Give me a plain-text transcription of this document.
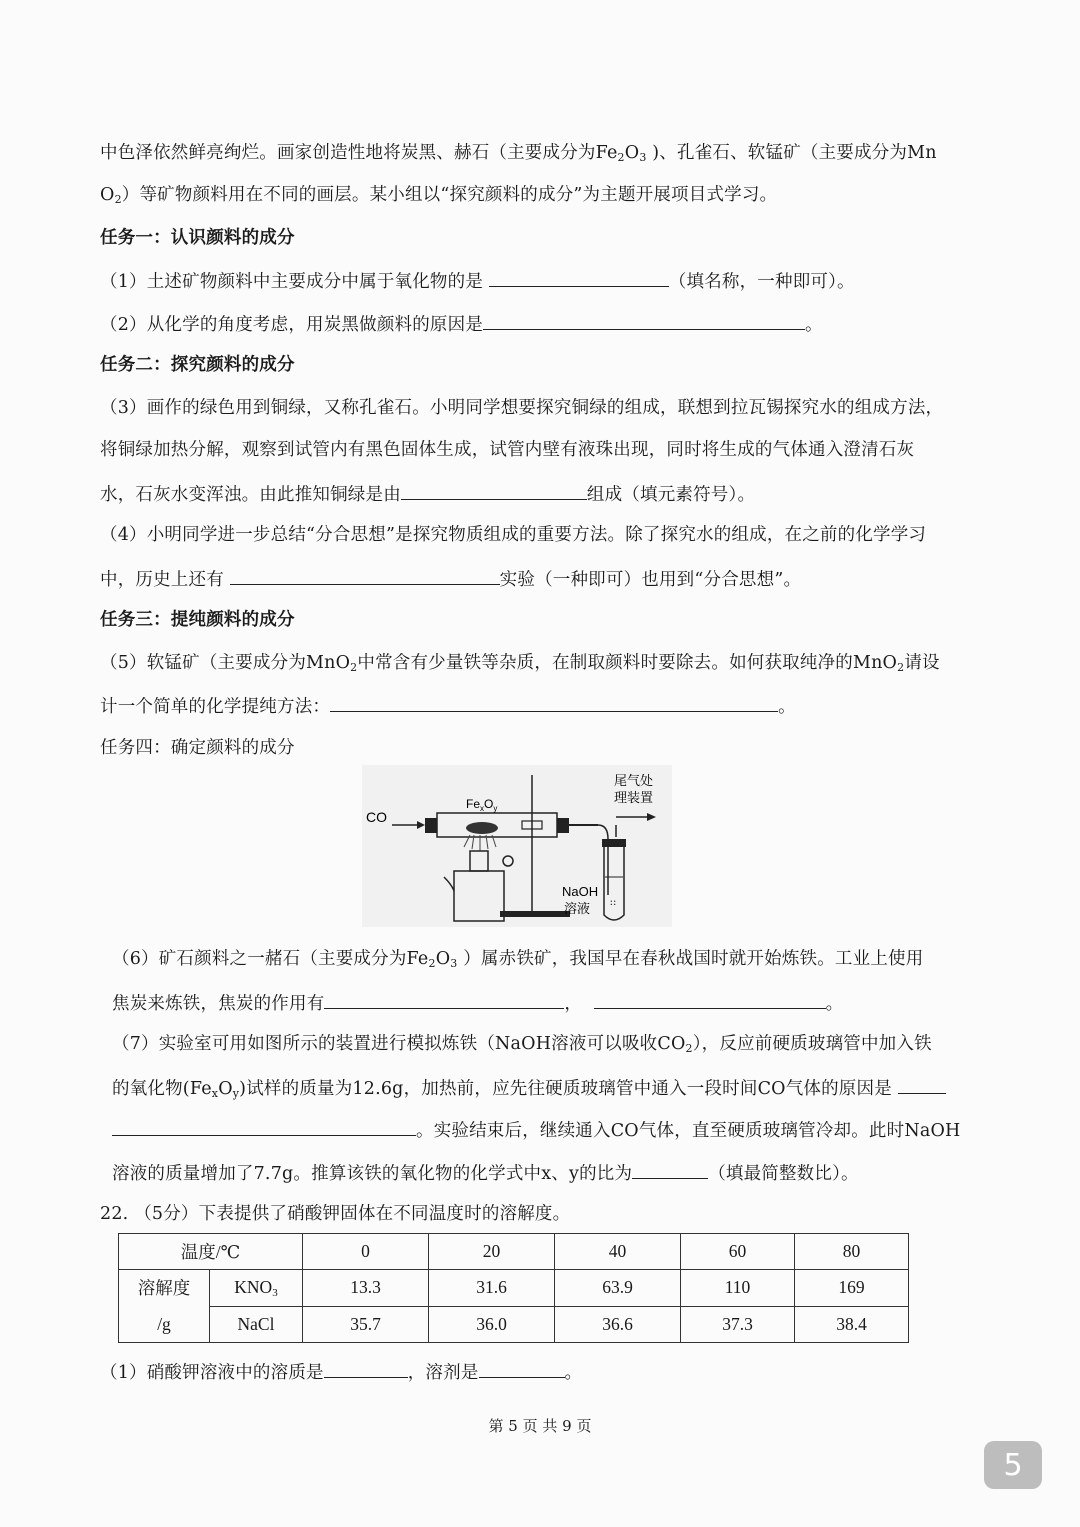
中色泽依然鲜亮绚烂。画家创造性地将炭黑、赫石（主要成分为$Fe_2O_3$ )、孔雀石、软锰矿（主要成分为Mn
$O_2$）等矿物颜料用在不同的画层。某小组以“探究颜料的成分”为主题开展项目式学习。
任务一：认识颜料的成分
（1）土述矿物颜料中主要成分中属于氧化物的是	（填名称，一种即可）。
（2）从化学的角度考虑，用炭黑做颜料的原因是	。
任务二：探究颜料的成分
（3）画作的绿色用到铜绿，又称孔雀石。小明同学想要探究铜绿的组成，联想到拉瓦锡探究水的组成方法，
将铜绿加热分解，观察到试管内有黑色固体生成，试管内壁有液珠出现，同时将生成的气体通入澄清石灰
水，石灰水变浑浊。由此推知铜绿是由	组成（填元素符号）。
（4）小明同学进一步总结“分合思想”是探究物质组成的重要方法。除了探究水的组成，在之前的化学学习
中，历史上还有	实验（一种即可）也用到“分合思想”。
任务三：提纯颜料的成分
（5）软锰矿（主要成分为MnO$_2$中常含有少量铁等杂质，在制取颜料时要除去。如何获取纯净的MnO$_2$请设
计一个简单的化学提纯方法：	。
任务四：确定颜料的成分
CO
$Fe_xO_y$
::
尾气处
理装置
NaOH
溶液
（6）矿石颜料之一赭石（主要成分为$Fe_2O_3$ ）属赤铁矿，我国早在春秋战国时就开始炼铁。工业上使用
焦炭来炼铁，焦炭的作用有	，	。
（7）实验室可用如图所示的装置进行模拟炼铁（NaOH溶液可以吸收$CO_2$），反应前硬质玻璃管中加入铁
的氧化物$(Fe_xO_y)$试样的质量为12.6g，加热前，应先往硬质玻璃管中通入一段时间CO气体的原因是
。实验结束后，继续通入CO气体，直至硬质玻璃管冷却。此时NaOH
溶液的质量增加了7.7g。推算该铁的氧化物的化学式中x、y的比为	（填最简整数比）。
22. （5分）下表提供了硝酸钾固体在不同温度时的溶解度。
温度/℃		0	20	40	60	80
溶解度
/g	$KNO_3$	13.3	31.6	63.9	110	169
	NaCl	35.7	36.0	36.6	37.3	38.4
（1）硝酸钾溶液中的溶质是	，溶剂是	。
第 5 页 共 9 页
5
